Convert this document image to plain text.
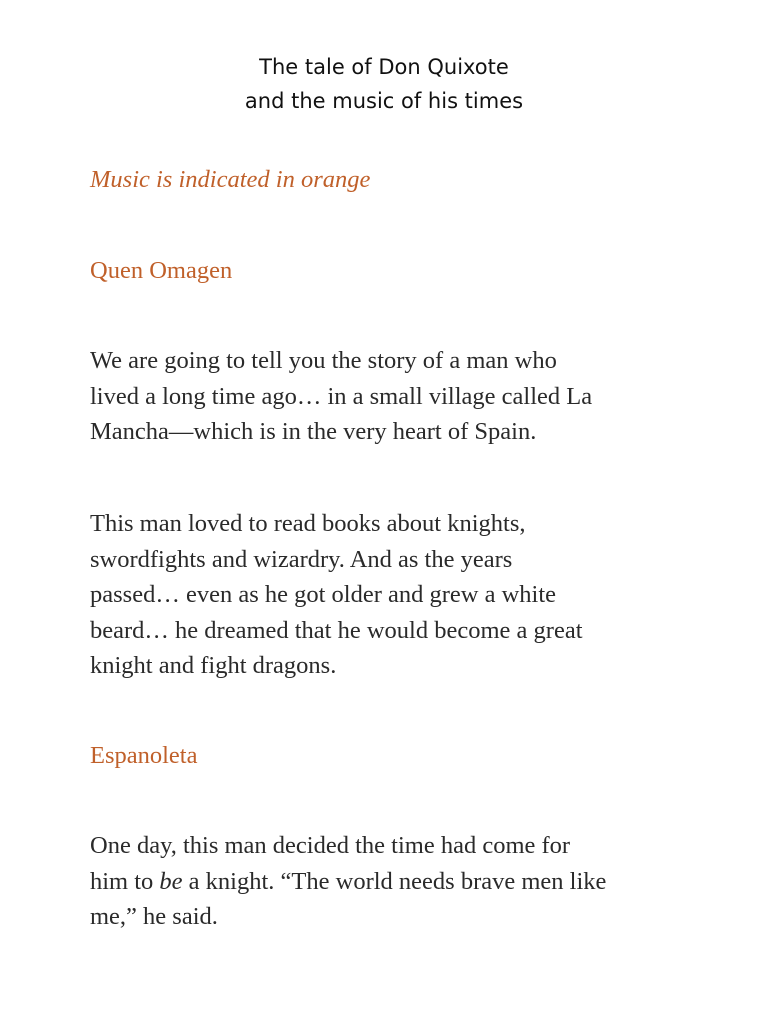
The tale of Don Quixote
and the music of his times
Music is indicated in orange
Quen Omagen
We are going to tell you the story of a man who
lived a long time ago… in a small village called La
Mancha—which is in the very heart of Spain.
This man loved to read books about knights,
swordfights and wizardry. And as the years
passed… even as he got older and grew a white
beard… he dreamed that he would become a great
knight and fight dragons.
Espanoleta
One day, this man decided the time had come for
him to be a knight. “The world needs brave men like
me,” he said.
